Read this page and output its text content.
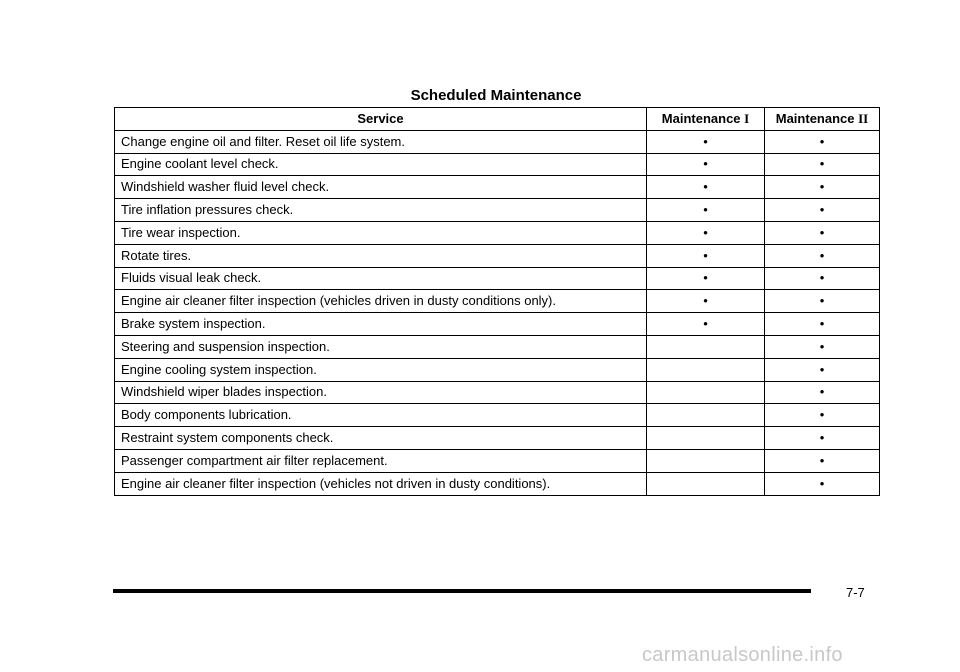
Scheduled Maintenance
Service	Maintenance I	Maintenance II
Change engine oil and filter. Reset oil life system.	•	•
Engine coolant level check.	•	•
Windshield washer fluid level check.	•	•
Tire inflation pressures check.	•	•
Tire wear inspection.	•	•
Rotate tires.	•	•
Fluids visual leak check.	•	•
Engine air cleaner filter inspection (vehicles driven in dusty conditions only).	•	•
Brake system inspection.	•	•
Steering and suspension inspection.		•
Engine cooling system inspection.		•
Windshield wiper blades inspection.		•
Body components lubrication.		•
Restraint system components check.		•
Passenger compartment air filter replacement.		•
Engine air cleaner filter inspection (vehicles not driven in dusty conditions).		•
7-7
carmanualsonline.info
